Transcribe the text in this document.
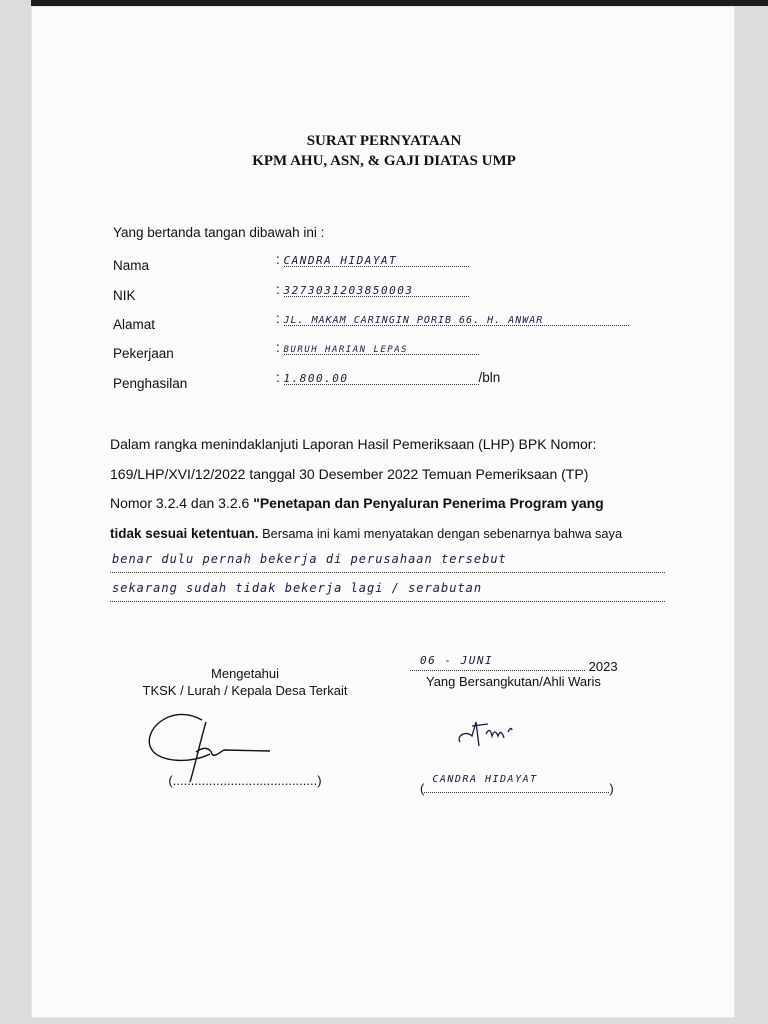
SURAT PERNYATAAN
KPM AHU, ASN, & GAJI DIATAS UMP
Yang bertanda tangan dibawah ini :
Nama	: CANDRA HIDAYAT
NIK	: 3273031203850003
Alamat	: JL. MAKAM CARINGIN PORIB 66. H. ANWAR
Pekerjaan	: BURUH HARIAN LEPAS
Penghasilan	: 1.800.00	/bln

Dalam rangka menindaklanjuti Laporan Hasil Pemeriksaan (LHP) BPK Nomor:

169/LHP/XVI/12/2022 tanggal 30 Desember 2022 Temuan Pemeriksaan (TP)

Nomor 3.2.4 dan 3.2.6 "Penetapan dan Penyaluran Penerima Program yang

tidak sesuai ketentuan. Bersama ini kami menyatakan dengan sebenarnya bahwa saya

benar dulu pernah bekerja di perusahaan tersebut
sekarang sudah tidak bekerja lagi / serabutan
06 - JUNI	2023
Yang Bersangkutan/Ahli Waris
(
CANDRA HIDAYAT
)
Mengetahui
TKSK / Lurah / Kepala Desa Terkait
(........................................)
